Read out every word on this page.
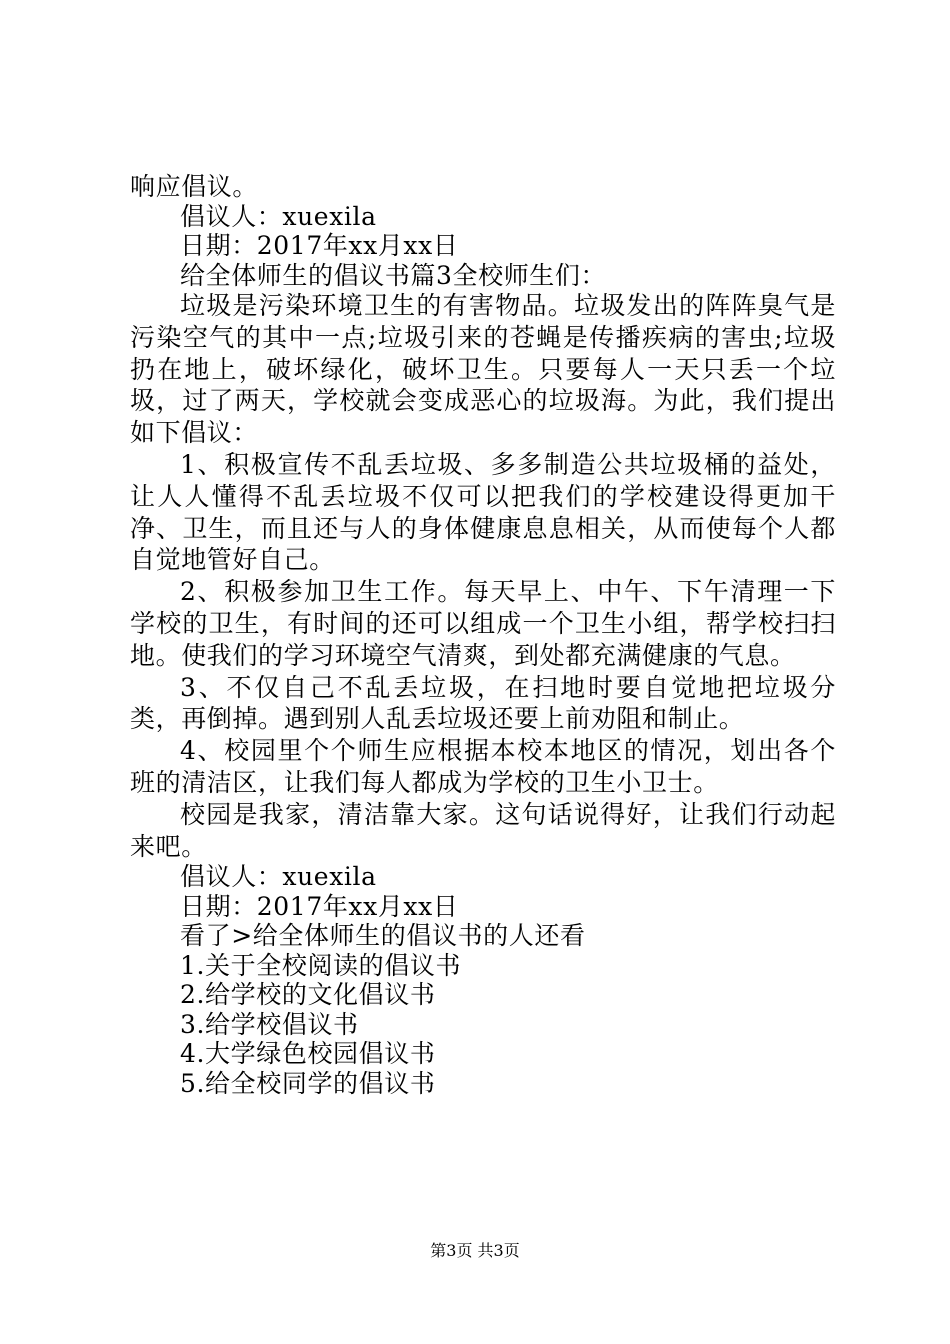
响应倡议。
倡议人：xuexila
日期：2017年xx月xx日
给全体师生的倡议书篇3全校师生们：
垃圾是污染环境卫生的有害物品。垃圾发出的阵阵臭气是污染空气的其中一点;垃圾引来的苍蝇是传播疾病的害虫;垃圾扔在地上，破坏绿化，破坏卫生。只要每人一天只丢一个垃圾，过了两天，学校就会变成恶心的垃圾海。为此，我们提出如下倡议：
1、积极宣传不乱丢垃圾、多多制造公共垃圾桶的益处，让人人懂得不乱丢垃圾不仅可以把我们的学校建设得更加干净、卫生，而且还与人的身体健康息息相关，从而使每个人都自觉地管好自己。
2、积极参加卫生工作。每天早上、中午、下午清理一下学校的卫生，有时间的还可以组成一个卫生小组，帮学校扫扫地。使我们的学习环境空气清爽，到处都充满健康的气息。
3、不仅自己不乱丢垃圾，在扫地时要自觉地把垃圾分类，再倒掉。遇到别人乱丢垃圾还要上前劝阻和制止。
4、校园里个个师生应根据本校本地区的情况，划出各个班的清洁区，让我们每人都成为学校的卫生小卫士。
校园是我家，清洁靠大家。这句话说得好，让我们行动起来吧。
倡议人：xuexila
日期：2017年xx月xx日
看了>给全体师生的倡议书的人还看
1.关于全校阅读的倡议书
2.给学校的文化倡议书
3.给学校倡议书
4.大学绿色校园倡议书
5.给全校同学的倡议书
第3页 共3页
